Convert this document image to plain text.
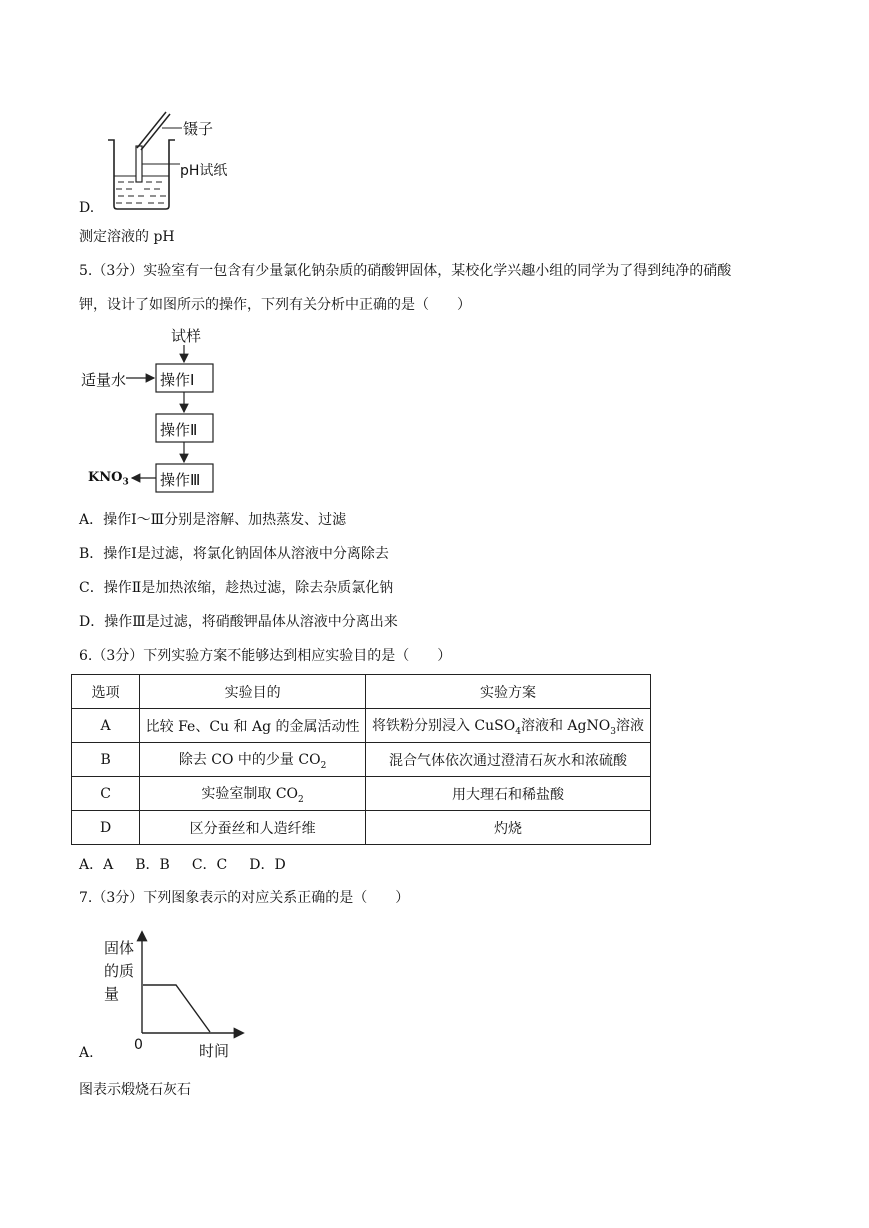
镊子
pH试纸
D.
测定溶液的 pH
5.（3分）实验室有一包含有少量氯化钠杂质的硝酸钾固体，某校化学兴趣小组的同学为了得到纯净的硝酸
钾，设计了如图所示的操作，下列有关分析中正确的是（　　）
试样
适量水 操作Ⅰ
操作Ⅱ
操作Ⅲ
$KNO_3$
A．操作Ⅰ～Ⅲ分别是溶解、加热蒸发、过滤
B．操作Ⅰ是过滤，将氯化钠固体从溶液中分离除去
C．操作Ⅱ是加热浓缩，趁热过滤，除去杂质氯化钠
D．操作Ⅲ是过滤，将硝酸钾晶体从溶液中分离出来
6.（3分）下列实验方案不能够达到相应实验目的是（　　）
选项	实验目的	实验方案
A	比较 Fe、Cu 和 Ag 的金属活动性	将铁粉分别浸入 CuSO$_4$溶液和 AgNO$_3$溶液
B	除去 CO 中的少量 $CO_2$	混合气体依次通过澄清石灰水和浓硫酸
C	实验室制取 $CO_2$	用大理石和稀盐酸
D	区分蚕丝和人造纤维	灼烧
A．A B．B C．C D．D
7.（3分）下列图象表示的对应关系正确的是（　　）
固体
的质
量
0	时间
A.
图表示煅烧石灰石
